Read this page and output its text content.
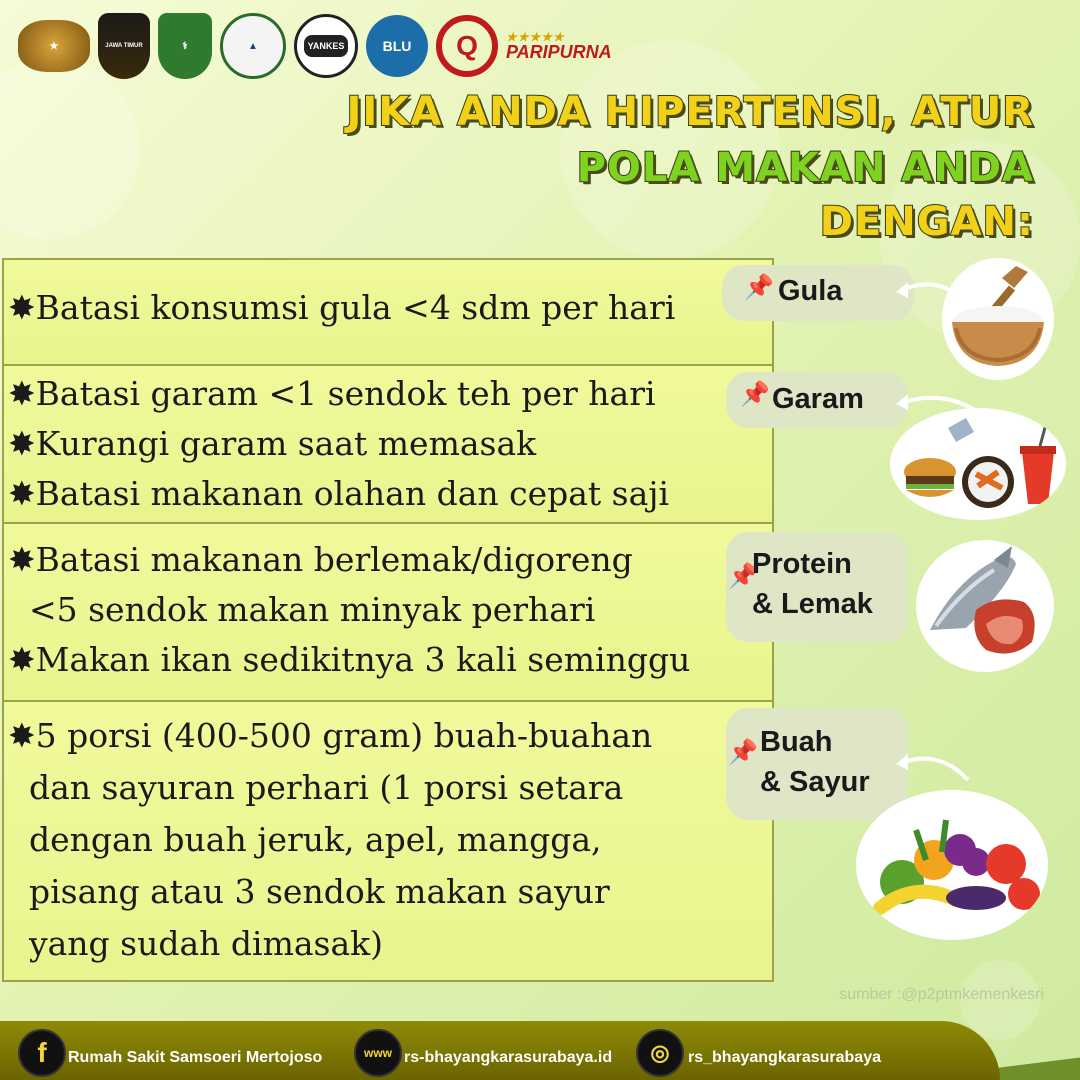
★	JAWA TIMUR	⚕	▲	YANKES	BLU	Q	★★★★★
PARIPURNA
JIKA ANDA HIPERTENSI, ATUR
POLA MAKAN ANDA
DENGAN:
✸Batasi konsumsi gula <4 sdm per hari
📌 Gula
✸Batasi garam <1 sendok teh per hari
✸Kurangi garam saat memasak
✸Batasi makanan olahan dan cepat saji
📌 Garam
✸Batasi makanan berlemak/digoreng
<5 sendok makan minyak perhari
✸Makan ikan sedikitnya 3 kali seminggu
📌
Protein
& Lemak
✸5 porsi (400-500 gram) buah-buahan
dan sayuran perhari (1 porsi setara
dengan buah jeruk, apel, mangga,
pisang atau 3 sendok makan sayur
yang sudah dimasak)
📌 Buah
& Sayur
sumber :@p2ptmkemenkesri
f	Rumah Sakit Samsoeri Mertojoso	www rs-bhayangkarasurabaya.id	◎	rs_bhayangkarasurabaya
